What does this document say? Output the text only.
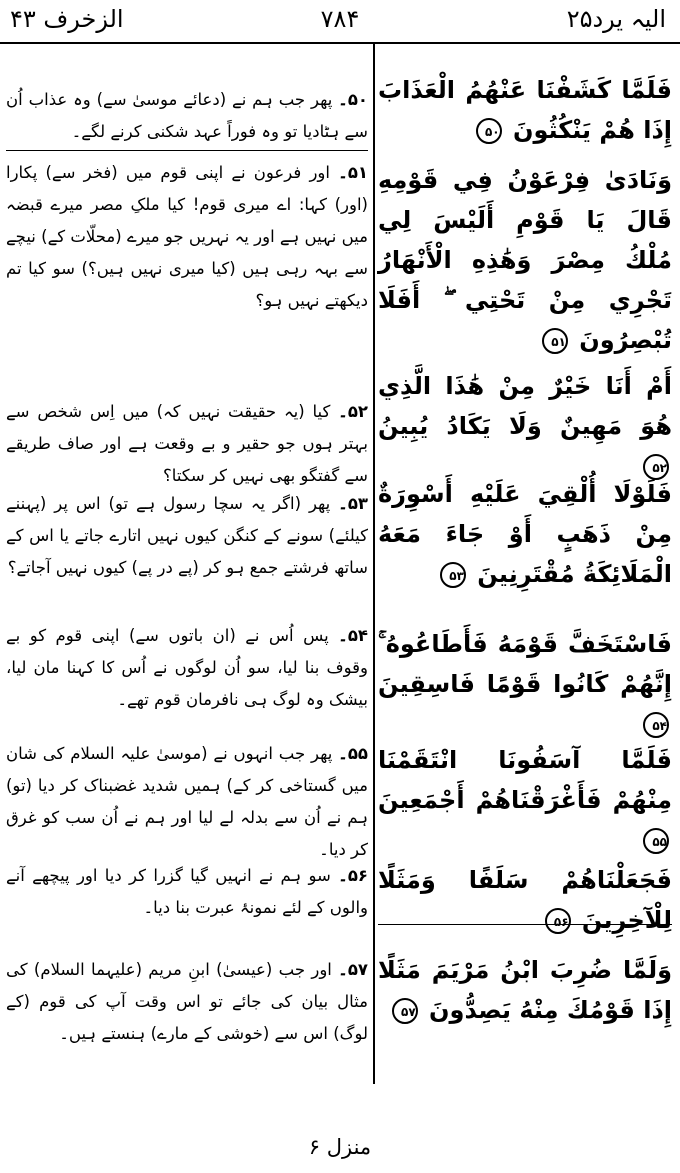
الیہ یرد۲۵
۷۸۴
الزخرف ۴۳
۵۰۔ پھر جب ہم نے (دعائے موسیٰ سے) وہ عذاب اُن سے ہٹادیا تو وہ فوراً عہد شکنی کرنے لگے۔
۵۱۔ اور فرعون نے اپنی قوم میں (فخر سے) پکارا (اور) کہا: اے میری قوم! کیا ملکِ مصر میرے قبضہ میں نہیں ہے اور یہ نہریں جو میرے (محلّات کے) نیچے سے بہہ رہی ہیں (کیا میری نہیں ہیں؟) سو کیا تم دیکھتے نہیں ہو؟
۵۲۔ کیا (یہ حقیقت نہیں کہ) میں اِس شخص سے بہتر ہوں جو حقیر و بے وقعت ہے اور صاف طریقے سے گفتگو بھی نہیں کر سکتا؟
۵۳۔ پھر (اگر یہ سچا رسول ہے تو) اس پر (پہننے کیلئے) سونے کے کنگن کیوں نہیں اتارے جاتے یا اس کے ساتھ فرشتے جمع ہو کر (پے در پے) کیوں نہیں آجاتے؟
۵۴۔ پس اُس نے (ان باتوں سے) اپنی قوم کو بے وقوف بنا لیا، سو اُن لوگوں نے اُس کا کہنا مان لیا، بیشک وہ لوگ ہی نافرمان قوم تھے۔
۵۵۔ پھر جب انہوں نے (موسیٰ علیہ السلام کی شان میں گستاخی کر کے) ہمیں شدید غضبناک کر دیا (تو) ہم نے اُن سے بدلہ لے لیا اور ہم نے اُن سب کو غرق کر دیا۔
۵۶۔ سو ہم نے انہیں گیا گزرا کر دیا اور پیچھے آنے والوں کے لئے نمونۂ عبرت بنا دیا۔
۵۷۔ اور جب (عیسیٰ) ابنِ مریم (علیہما السلام) کی مثال بیان کی جائے تو اس وقت آپ کی قوم (کے لوگ) اس سے (خوشی کے مارے) ہنستے ہیں۔
فَلَمَّا كَشَفْنَا عَنْهُمُ الْعَذَابَ إِذَا هُمْ يَنْكُثُونَ ۵۰
وَنَادَىٰ فِرْعَوْنُ فِي قَوْمِهِ قَالَ يَا قَوْمِ أَلَيْسَ لِي مُلْكُ مِصْرَ وَهَٰذِهِ الْأَنْهَارُ تَجْرِي مِنْ تَحْتِي ۖ أَفَلَا تُبْصِرُونَ ۵۱
أَمْ أَنَا خَيْرٌ مِنْ هَٰذَا الَّذِي هُوَ مَهِينٌ وَلَا يَكَادُ يُبِينُ ۵۲
فَلَوْلَا أُلْقِيَ عَلَيْهِ أَسْوِرَةٌ مِنْ ذَهَبٍ أَوْ جَاءَ مَعَهُ الْمَلَائِكَةُ مُقْتَرِنِينَ ۵۳
فَاسْتَخَفَّ قَوْمَهُ فَأَطَاعُوهُ ۚ إِنَّهُمْ كَانُوا قَوْمًا فَاسِقِينَ ۵۴
فَلَمَّا آسَفُونَا انْتَقَمْنَا مِنْهُمْ فَأَغْرَقْنَاهُمْ أَجْمَعِينَ ۵۵
فَجَعَلْنَاهُمْ سَلَفًا وَمَثَلًا لِلْآخِرِينَ ۵۶
وَلَمَّا ضُرِبَ ابْنُ مَرْيَمَ مَثَلًا إِذَا قَوْمُكَ مِنْهُ يَصِدُّونَ ۵۷
منزل ۶
